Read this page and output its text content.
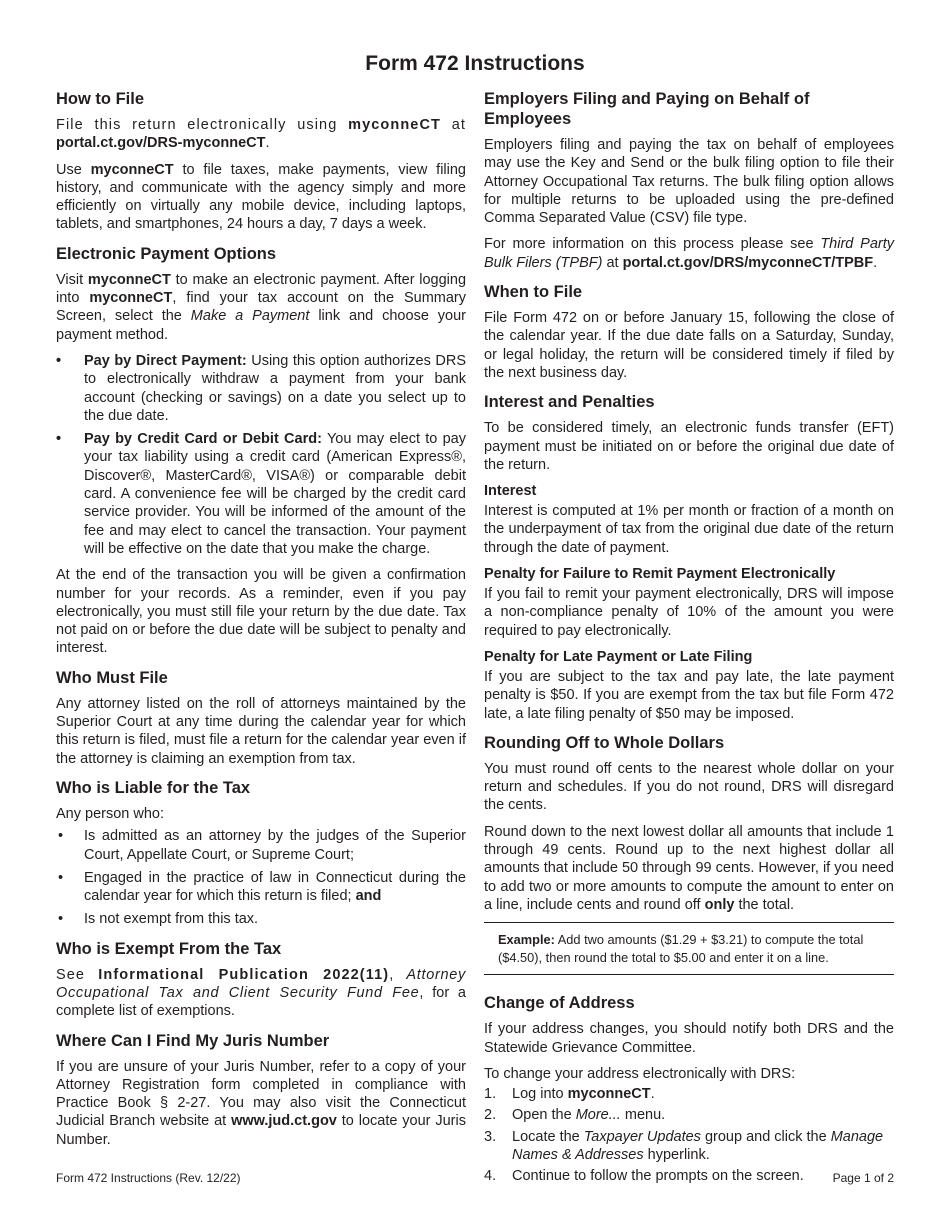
Form 472 Instructions
How to File

File this return electronically using myconneCT at portal.ct.gov/DRS-myconneCT.

Use myconneCT to file taxes, make payments, view filing history, and communicate with the agency simply and more efficiently on virtually any mobile device, including laptops, tablets, and smartphones, 24 hours a day, 7 days a week.

Electronic Payment Options

Visit myconneCT to make an electronic payment. After logging into myconneCT, find your tax account on the Summary Screen, select the Make a Payment link and choose your payment method.

• Pay by Direct Payment: Using this option authorizes DRS to electronically withdraw a payment from your bank account (checking or savings) on a date you select up to the due date.
• Pay by Credit Card or Debit Card: You may elect to pay your tax liability using a credit card (American Express®, Discover®, MasterCard®, VISA®) or comparable debit card. A convenience fee will be charged by the credit card service provider. You will be informed of the amount of the fee and may elect to cancel the transaction. Your payment will be effective on the date that you make the charge.

At the end of the transaction you will be given a confirmation number for your records. As a reminder, even if you pay electronically, you must still file your return by the due date. Tax not paid on or before the due date will be subject to penalty and interest.

Who Must File

Any attorney listed on the roll of attorneys maintained by the Superior Court at any time during the calendar year for which this return is filed, must file a return for the calendar year even if the attorney is claiming an exemption from tax.

Who is Liable for the Tax

Any person who:

• Is admitted as an attorney by the judges of the Superior Court, Appellate Court, or Supreme Court;
• Engaged in the practice of law in Connecticut during the calendar year for which this return is filed; and
• Is not exempt from this tax.
Who is Exempt From the Tax

See Informational Publication 2022(11), Attorney Occupational Tax and Client Security Fund Fee, for a complete list of exemptions.

Where Can I Find My Juris Number

If you are unsure of your Juris Number, refer to a copy of your Attorney Registration form completed in compliance with Practice Book § 2-27. You may also visit the Connecticut Judicial Branch website at www.jud.ct.gov to locate your Juris Number.

Employers Filing and Paying on Behalf of Employees

Employers filing and paying the tax on behalf of employees may use the Key and Send or the bulk filing option to file their Attorney Occupational Tax returns. The bulk filing option allows for multiple returns to be uploaded using the pre-defined Comma Separated Value (CSV) file type.

For more information on this process please see Third Party Bulk Filers (TPBF) at portal.ct.gov/DRS/myconneCT/TPBF.

When to File

File Form 472 on or before January 15, following the close of the calendar year. If the due date falls on a Saturday, Sunday, or legal holiday, the return will be considered timely if filed by the next business day.

Interest and Penalties

To be considered timely, an electronic funds transfer (EFT) payment must be initiated on or before the original due date of the return.

Interest

Interest is computed at 1% per month or fraction of a month on the underpayment of tax from the original due date of the return through the date of payment.

Penalty for Failure to Remit Payment Electronically

If you fail to remit your payment electronically, DRS will impose a non-compliance penalty of 10% of the amount you were required to pay electronically.

Penalty for Late Payment or Late Filing

If you are subject to the tax and pay late, the late payment penalty is $50. If you are exempt from the tax but file Form 472 late, a late filing penalty of $50 may be imposed.

Rounding Off to Whole Dollars

You must round off cents to the nearest whole dollar on your return and schedules. If you do not round, DRS will disregard the cents.

Round down to the next lowest dollar all amounts that include 1 through 49 cents. Round up to the next highest dollar all amounts that include 50 through 99 cents. However, if you need to add two or more amounts to compute the amount to enter on a line, include cents and round off only the total.

Example: Add two amounts ($1.29 + $3.21) to compute the total ($4.50), then round the total to $5.00 and enter it on a line.
Change of Address

If your address changes, you should notify both DRS and the Statewide Grievance Committee.

To change your address electronically with DRS:

1. Log into myconneCT.
2. Open the More... menu.
3. Locate the Taxpayer Updates group and click the Manage Names & Addresses hyperlink.
4. Continue to follow the prompts on the screen.
Form 472 Instructions (Rev. 12/22)	Page 1 of 2
